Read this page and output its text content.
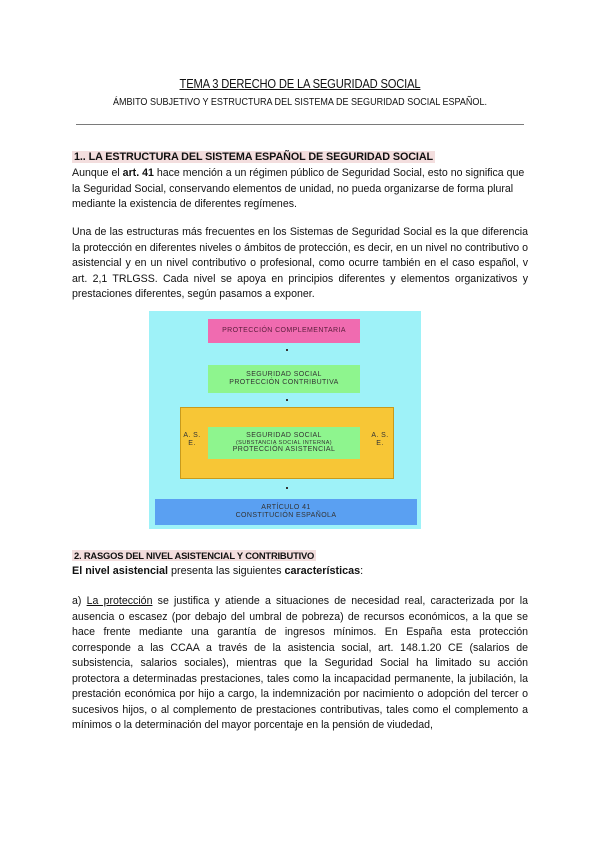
TEMA 3 DERECHO DE LA SEGURIDAD SOCIAL
ÁMBITO SUBJETIVO Y ESTRUCTURA DEL SISTEMA DE SEGURIDAD SOCIAL ESPAÑOL.
1.. LA ESTRUCTURA DEL SISTEMA ESPAÑOL DE SEGURIDAD SOCIAL

Aunque el art. 41 hace mención a un régimen público de Seguridad Social, esto no significa que la Seguridad Social, conservando elementos de unidad, no pueda organizarse de forma plural mediante la existencia de diferentes regímenes.

Una de las estructuras más frecuentes en los Sistemas de Seguridad Social es la que diferencia la protección en diferentes niveles o ámbitos de protección, es decir, en un nivel no contributivo o asistencial y en un nivel contributivo o profesional, como ocurre también en el caso español, v art. 2,1 TRLGSS. Cada nivel se apoya en principios diferentes y elementos organizativos y prestaciones diferentes, según pasamos a exponer.

PROTECCIÓN COMPLEMENTARIA
SEGURIDAD SOCIAL
PROTECCIÓN CONTRIBUTIVA
A. S. E.
A. S. E.
SEGURIDAD SOCIAL
(SUBSTANCIA SOCIAL INTERNA)
PROTECCIÓN ASISTENCIAL
ARTÍCULO 41
CONSTITUCIÓN ESPAÑOLA
2. RASGOS DEL NIVEL ASISTENCIAL Y CONTRIBUTIVO

El nivel asistencial presenta las siguientes características:

a) La protección se justifica y atiende a situaciones de necesidad real, caracterizada por la ausencia o escasez (por debajo del umbral de pobreza) de recursos económicos, a la que se hace frente mediante una garantía de ingresos mínimos. En España esta protección corresponde a las CCAA a través de la asistencia social, art. 148.1.20 CE (salarios de subsistencia, salarios sociales), mientras que la Seguridad Social ha limitado su acción protectora a determinadas prestaciones, tales como la incapacidad permanente, la jubilación, la prestación económica por hijo a cargo, la indemnización por nacimiento o adopción del tercer o sucesivos hijos, o al complemento de prestaciones contributivas, tales como el complemento a mínimos o la determinación del mayor porcentaje en la pensión de viudedad,
